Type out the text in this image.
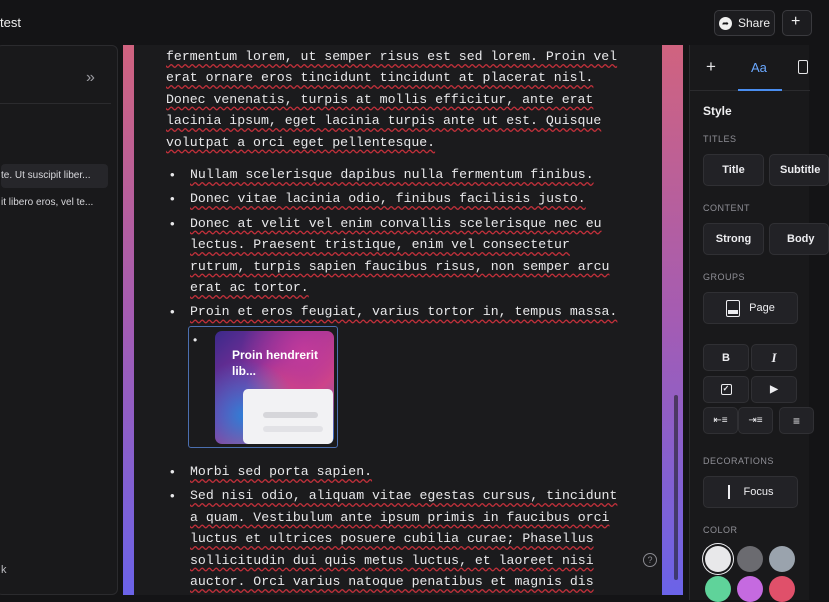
test	➦ Share	+
»
te. Ut suscipit liber...
it libero eros, vel te...
k
fermentum lorem, ut semper risus est sed lorem. Proin vel
erat ornare eros tincidunt tincidunt at placerat nisl.
Donec venenatis, turpis at mollis efficitur, ante erat
lacinia ipsum, eget lacinia turpis ante ut est. Quisque
volutpat a orci eget pellentesque.
• Nullam scelerisque dapibus nulla fermentum finibus.
• Donec vitae lacinia odio, finibus facilisis justo.
• Donec at velit vel enim convallis scelerisque nec eu
lectus. Praesent tristique, enim vel consectetur
rutrum, turpis sapien faucibus risus, non semper arcu
erat ac tortor.
• Proin et eros feugiat, varius tortor in, tempus massa.
•
Proin hendrerit lib...
• Morbi sed porta sapien.
• Sed nisi odio, aliquam vitae egestas cursus, tincidunt
a quam. Vestibulum ante ipsum primis in faucibus orci
luctus et ultrices posuere cubilia curae; Phasellus
sollicitudin dui quis metus luctus, et laoreet nisi
auctor. Orci varius natoque penatibus et magnis dis
?
+	Aa
Style
TITLES
Title	Subtitle
CONTENT
Strong	Body
GROUPS
Page
B	I
✓	▶
⇤≡	⇥≡	≡
DECORATIONS
Focus
COLOR
